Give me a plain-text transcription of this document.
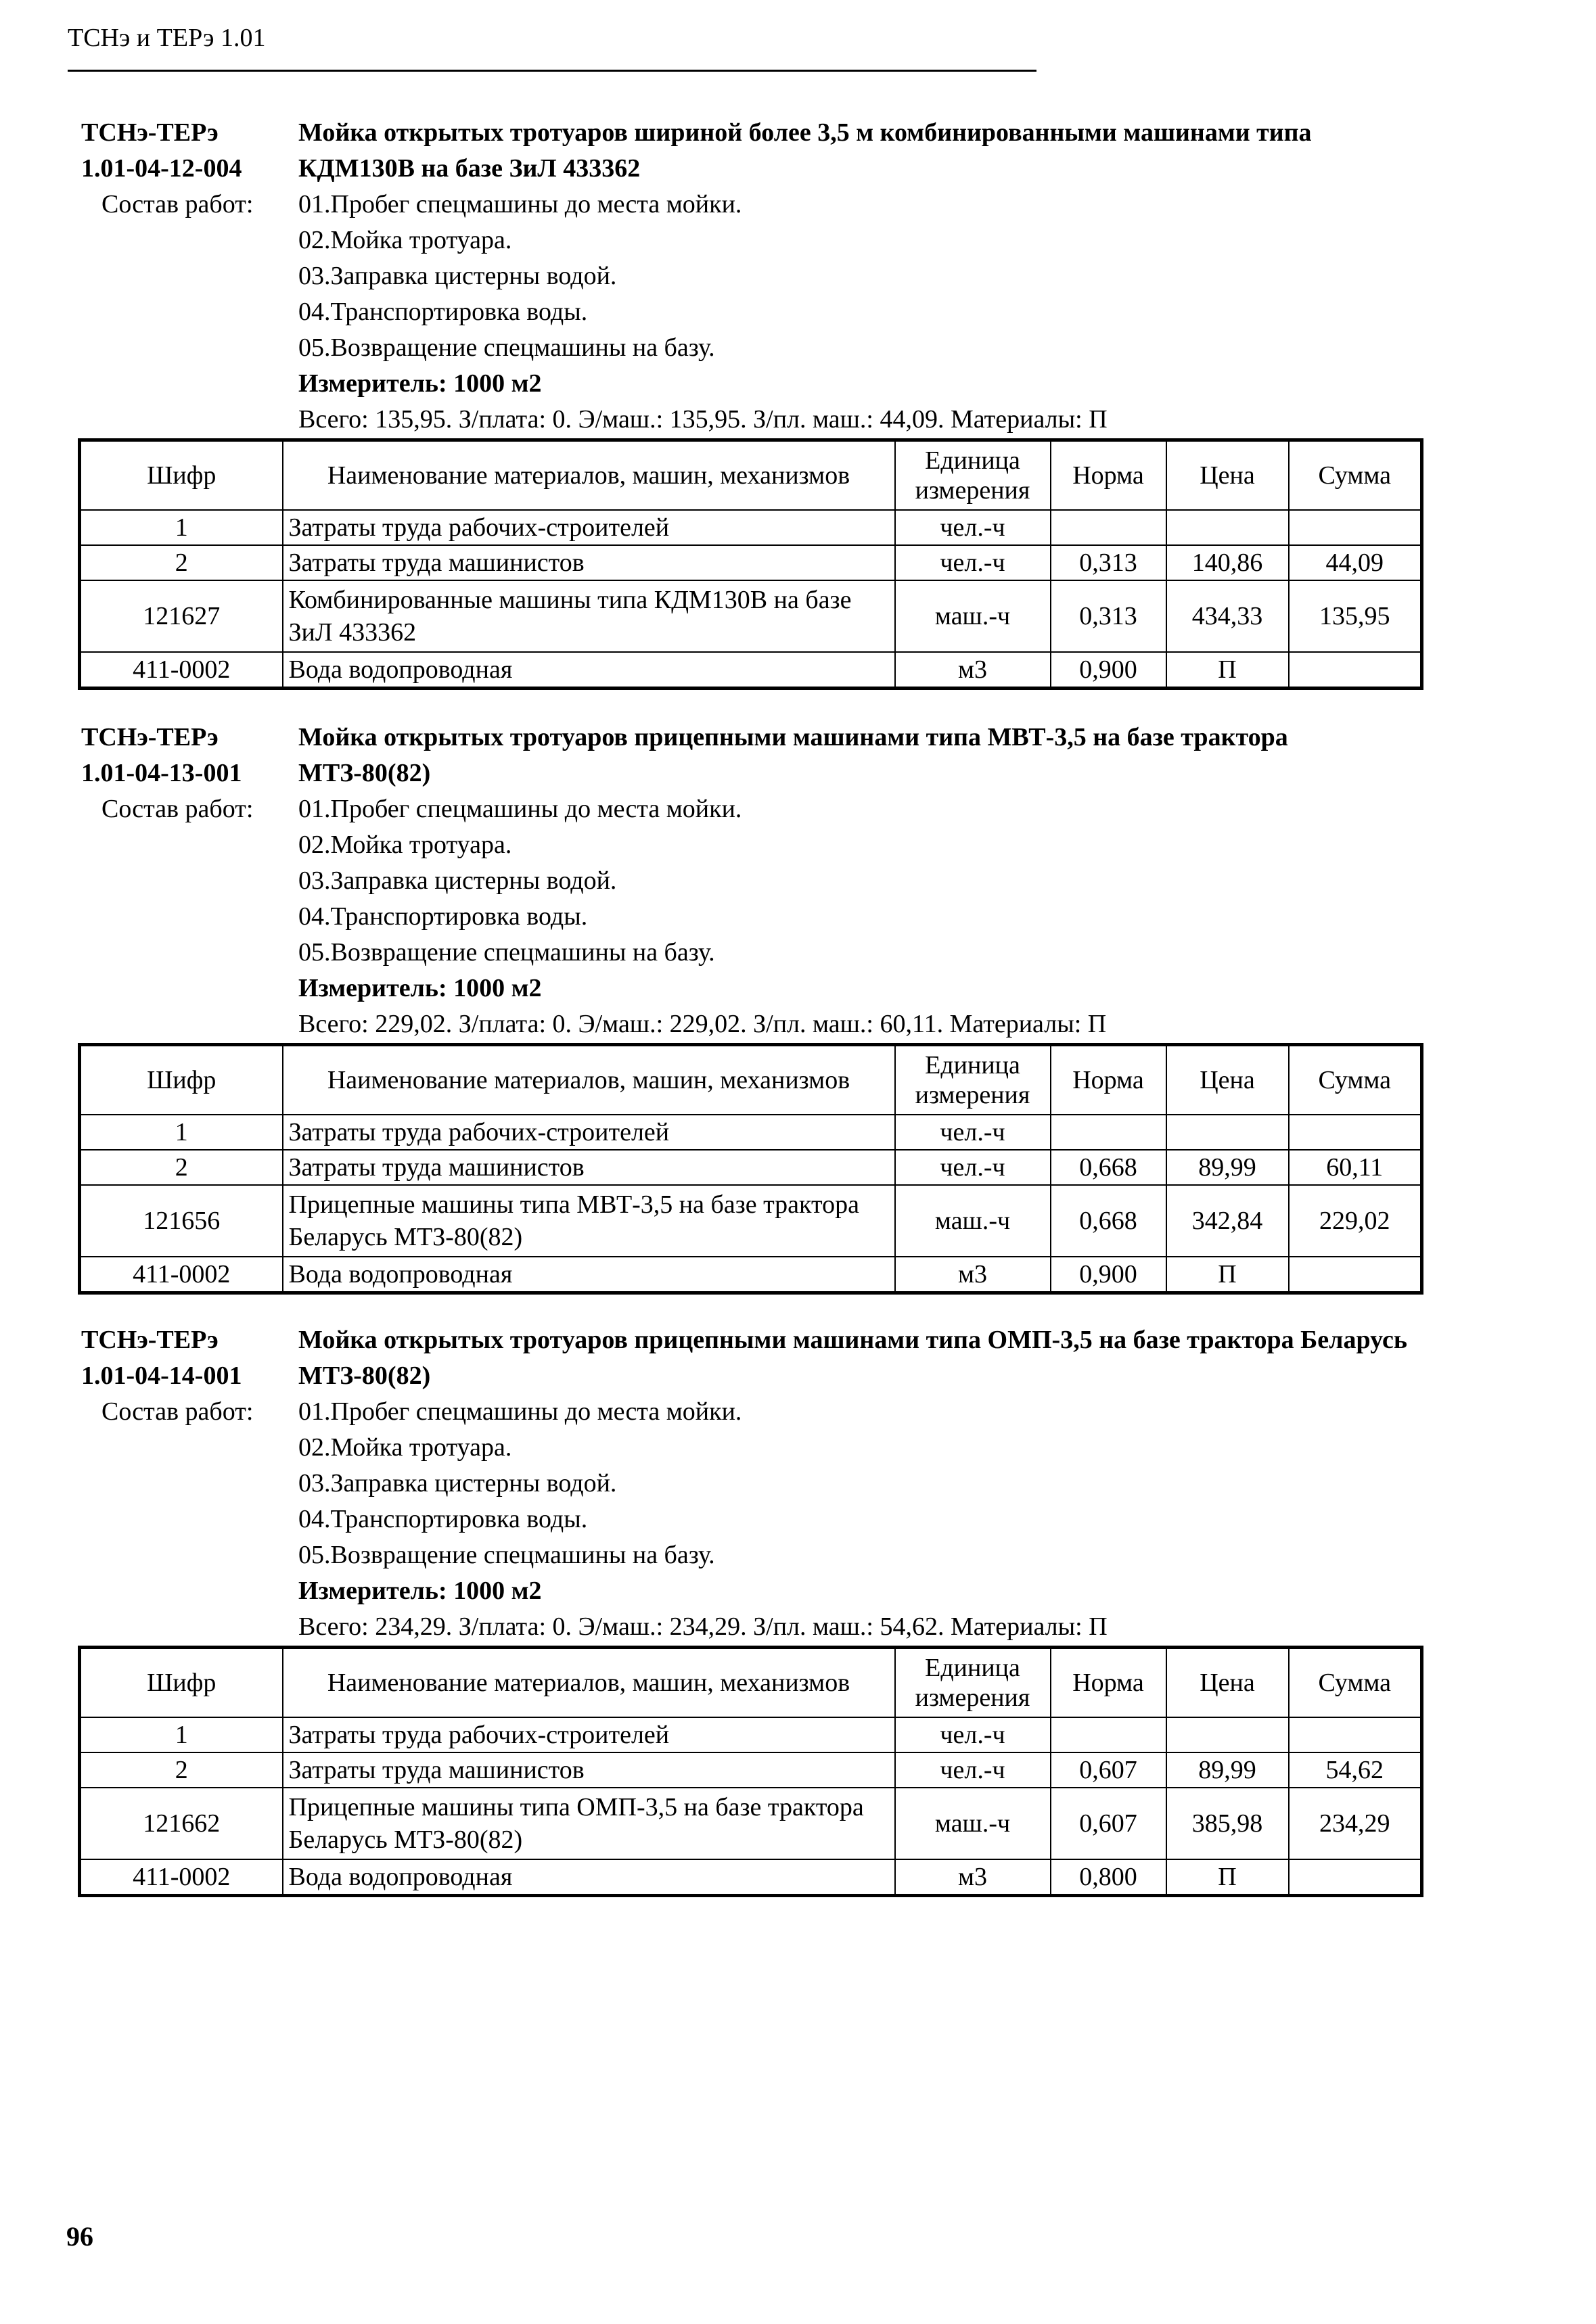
ТСНэ и ТЕРэ 1.01
ТСНэ-ТЕРэ
1.01-04-12-004
Мойка открытых тротуаров шириной более 3,5 м комбинированными машинами типа КДМ130В на базе ЗиЛ 433362
Состав работ: 01.Пробег спецмашины до места мойки.
02.Мойка тротуара.
03.Заправка цистерны водой.
04.Транспортировка воды.
05.Возвращение спецмашины на базу.
Измеритель: 1000 м2
Всего: 135,95. З/плата: 0. Э/маш.: 135,95. З/пл. маш.: 44,09. Материалы: П
Шифр	Наименование материалов, машин, механизмов	Единица измерения	Норма	Цена	Сумма
1	Затраты труда рабочих-строителей	чел.-ч			
2	Затраты труда машинистов	чел.-ч	0,313	140,86	44,09
121627	Комбинированные машины типа КДМ130В на базе ЗиЛ 433362	маш.-ч	0,313	434,33	135,95
411-0002	Вода водопроводная	м3	0,900	П	
ТСНэ-ТЕРэ
1.01-04-13-001
Мойка открытых тротуаров прицепными машинами типа МВТ-3,5 на базе трактора МТЗ-80(82)
Состав работ: 01.Пробег спецмашины до места мойки.
02.Мойка тротуара.
03.Заправка цистерны водой.
04.Транспортировка воды.
05.Возвращение спецмашины на базу.
Измеритель: 1000 м2
Всего: 229,02. З/плата: 0. Э/маш.: 229,02. З/пл. маш.: 60,11. Материалы: П
Шифр	Наименование материалов, машин, механизмов	Единица измерения	Норма	Цена	Сумма
1	Затраты труда рабочих-строителей	чел.-ч			
2	Затраты труда машинистов	чел.-ч	0,668	89,99	60,11
121656	Прицепные машины типа МВТ-3,5 на базе трактора Беларусь МТЗ-80(82)	маш.-ч	0,668	342,84	229,02
411-0002	Вода водопроводная	м3	0,900	П	
ТСНэ-ТЕРэ
1.01-04-14-001
Мойка открытых тротуаров прицепными машинами типа ОМП-3,5 на базе трактора Беларусь МТЗ-80(82)
Состав работ: 01.Пробег спецмашины до места мойки.
02.Мойка тротуара.
03.Заправка цистерны водой.
04.Транспортировка воды.
05.Возвращение спецмашины на базу.
Измеритель: 1000 м2
Всего: 234,29. З/плата: 0. Э/маш.: 234,29. З/пл. маш.: 54,62. Материалы: П
Шифр	Наименование материалов, машин, механизмов	Единица измерения	Норма	Цена	Сумма
1	Затраты труда рабочих-строителей	чел.-ч			
2	Затраты труда машинистов	чел.-ч	0,607	89,99	54,62
121662	Прицепные машины типа ОМП-3,5 на базе трактора Беларусь МТЗ-80(82)	маш.-ч	0,607	385,98	234,29
411-0002	Вода водопроводная	м3	0,800	П	
96
